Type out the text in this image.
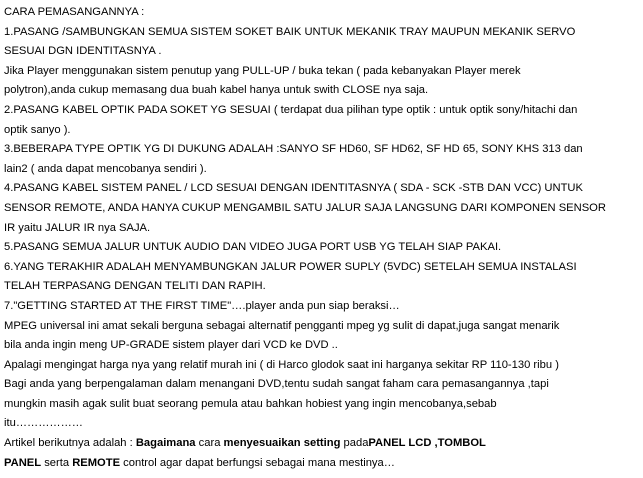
CARA PEMASANGANNYA :
1.PASANG /SAMBUNGKAN SEMUA SISTEM SOKET BAIK UNTUK MEKANIK TRAY MAUPUN MEKANIK SERVO
SESUAI DGN IDENTITASNYA .
Jika Player menggunakan sistem penutup yang PULL-UP / buka tekan ( pada kebanyakan Player merek
polytron),anda cukup memasang dua buah kabel hanya untuk swith CLOSE nya saja.
2.PASANG KABEL OPTIK PADA SOKET YG SESUAI ( terdapat dua pilihan type optik : untuk optik sony/hitachi dan
optik sanyo ).
3.BEBERAPA TYPE OPTIK YG DI DUKUNG ADALAH :SANYO SF HD60, SF HD62, SF HD 65, SONY KHS 313 dan
lain2 ( anda dapat mencobanya sendiri ).
4.PASANG KABEL SISTEM PANEL / LCD SESUAI DENGAN IDENTITASNYA ( SDA - SCK -STB DAN VCC) UNTUK
SENSOR REMOTE, ANDA HANYA CUKUP MENGAMBIL SATU JALUR SAJA LANGSUNG DARI KOMPONEN SENSOR
IR yaitu JALUR IR nya SAJA.
5.PASANG SEMUA JALUR UNTUK AUDIO DAN VIDEO JUGA PORT USB YG TELAH SIAP PAKAI.
6.YANG TERAKHIR ADALAH MENYAMBUNGKAN JALUR POWER SUPLY (5VDC) SETELAH SEMUA INSTALASI
TELAH TERPASANG DENGAN TELITI DAN RAPIH.
7."GETTING STARTED AT THE FIRST TIME"….player anda pun siap beraksi…
MPEG universal ini amat sekali berguna sebagai alternatif pengganti mpeg yg sulit di dapat,juga sangat menarik
bila anda ingin meng UP-GRADE sistem player dari VCD ke DVD ..
Apalagi mengingat harga nya yang relatif murah ini ( di Harco glodok saat ini harganya sekitar RP 110-130 ribu )
Bagi anda yang berpengalaman dalam menangani DVD,tentu sudah sangat faham cara pemasangannya ,tapi
mungkin masih agak sulit buat seorang pemula atau bahkan hobiest yang ingin mencobanya,sebab
itu………………
Artikel berikutnya adalah : Bagaimana cara menyesuaikan setting padaPANEL LCD ,TOMBOL
PANEL serta REMOTE control agar dapat berfungsi sebagai mana mestinya…
